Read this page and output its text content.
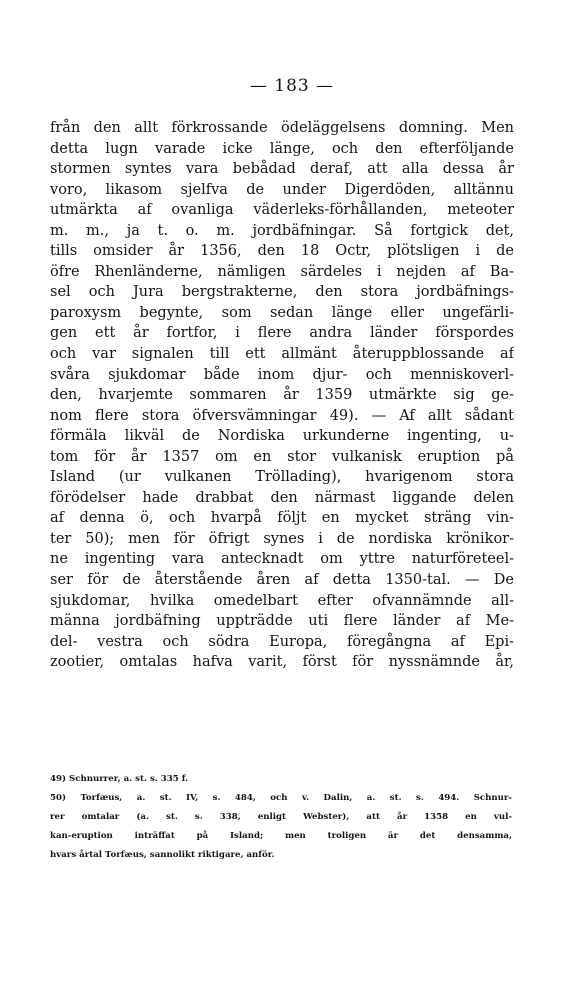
— 183 —
från den allt förkrossande ödeläggelsens domning. Men
detta lugn varade icke länge, och den efterföljande
stormen syntes vara bebådad deraf, att alla dessa år
voro, likasom sjelfva de under Digerdöden, alltännu
utmärkta af ovanliga väderleks-förhållanden, meteoter
m. m., ja t. o. m. jordbäfningar. Så fortgick det,
tills omsider år 1356, den 18 Octr, plötsligen i de
öfre Rhenländerne, nämligen särdeles i nejden af Ba-
sel och Jura bergstrakterne, den stora jordbäfnings-
paroxysm begynte, som sedan länge eller ungefärli-
gen ett år fortfor, i flere andra länder förspordes
och var signalen till ett allmänt återuppblossande af
svåra sjukdomar både inom djur- och menniskoverl-
den, hvarjemte sommaren år 1359 utmärkte sig ge-
nom flere stora öfversvämningar 49). — Af allt sådant
förmäla likväl de Nordiska urkunderne ingenting, u-
tom för år 1357 om en stor vulkanisk eruption på
Island (ur vulkanen Tröllading), hvarigenom stora
förödelser hade drabbat den närmast liggande delen
af denna ö, och hvarpå följt en mycket sträng vin-
ter 50); men för öfrigt synes i de nordiska krönikor-
ne ingenting vara antecknadt om yttre naturföreteel-
ser för de återstående åren af detta 1350-tal. — De
sjukdomar, hvilka omedelbart efter ofvannämnde all-
männa jordbäfning uppträdde uti flere länder af Me-
del- vestra och södra Europa, föregångna af Epi-
zootier, omtalas hafva varit, först för nyssnämnde år,
49) Schnurrer, a. st. s. 335 f.
50) Torfæus, a. st. IV, s. 484, och v. Dalin, a. st. s. 494. Schnur-
rer omtalar (a. st. s. 338, enligt Webster), att år 1358 en vul-
kan-eruption inträffat på Island; men troligen är det densamma,
hvars årtal Torfæus, sannolikt riktigare, anför.
